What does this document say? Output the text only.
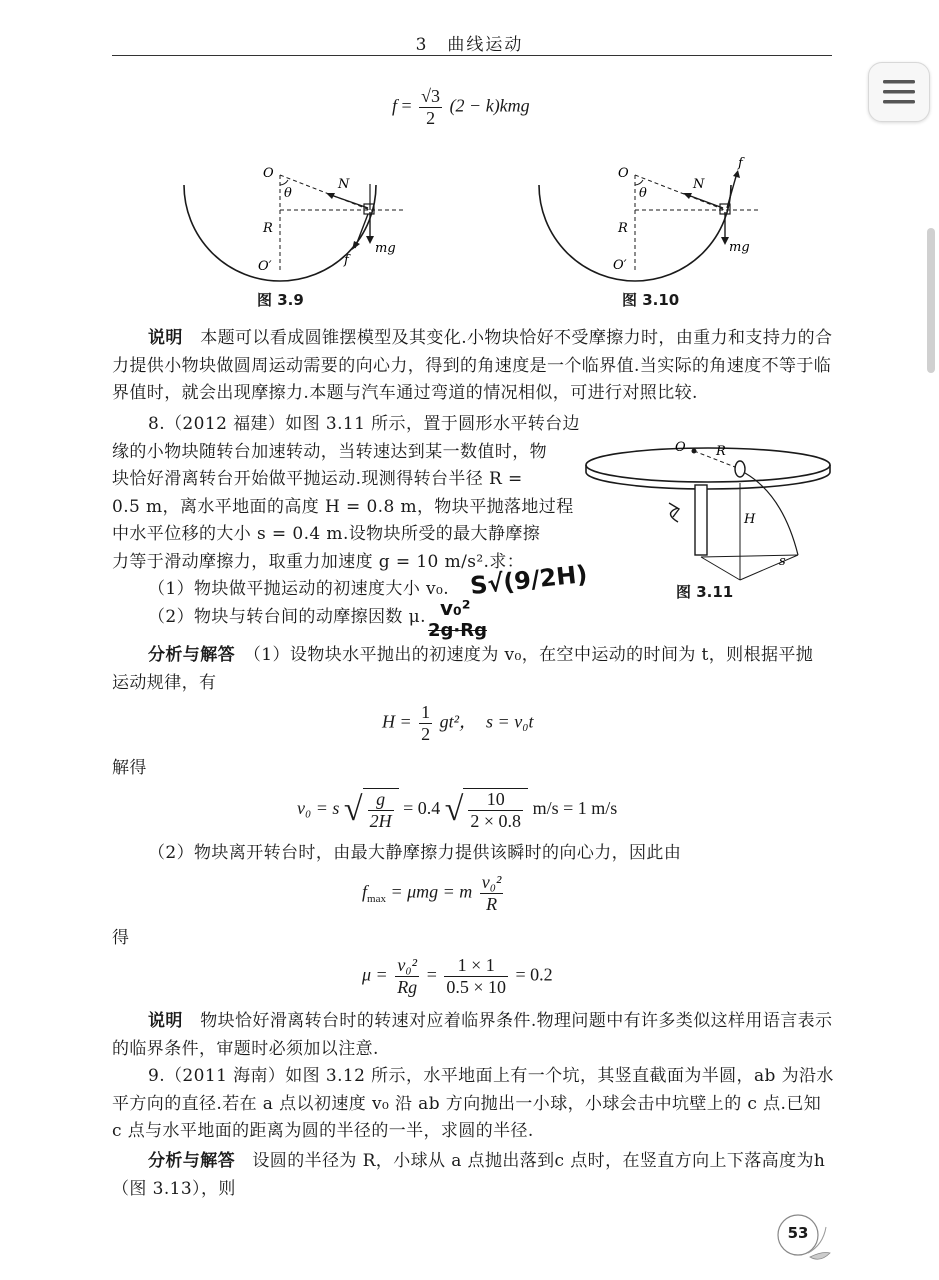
3　曲线运动
$f = \frac{√3}{2} (2 - k)kmg$
O
θ
N
R
O′	f
mg
图 3.9
O
θ
N
R
O′
f
mg
图 3.10
说明　 本题可以看成圆锥摆模型及其变化.小物块恰好不受摩擦力时，由重力和支持力的合力提供小物块做圆周运动需要的向心力，得到的角速度是一个临界值.当实际的角速度不等于临界值时，就会出现摩擦力.本题与汽车通过弯道的情况相似，可进行对照比较.
8.（2012 福建）如图 3.11 所示，置于圆形水平转台边
缘的小物块随转台加速转动，当转速达到某一数值时，物
块恰好滑离转台开始做平抛运动.现测得转台半径 R =
0.5 m，离水平地面的高度 H = 0.8 m，物块平抛落地过程
中水平位移的大小 s = 0.4 m.设物块所受的最大静摩擦
力等于滑动摩擦力，取重力加速度 g = 10 m/s².求：
（1）物块做平抛运动的初速度大小 v₀.
（2）物块与转台间的动摩擦因数 μ.
S√(9/2H)
v₀²
2g·Rg
O R
H
s
图 3.11
分析与解答　 （1）设物块水平抛出的初速度为 v₀，在空中运动的时间为 t，则根据平抛
运动规律，有
$H = \frac{1}{2} gt^2$，　s = v₀t
解得
v₀ = s √ $\frac{g}{2H} = 0.4$ √ $\frac{10}{2 \times 0.8} m/s = 1$ m/s
（2）物块离开转台时，由最大静摩擦力提供该瞬时的向心力，因此由
$f_{max} = \mu mg = m \frac{\text{v₀²}}{R}$
得
$\mu = \frac{\text{v₀²}}{Rg} = \frac{1 \times 1}{0.5 \times 10} = 0.2$
说明　 物块恰好滑离转台时的转速对应着临界条件.物理问题中有许多类似这样用语言表示的临界条件，审题时必须加以注意.
9.（2011 海南）如图 3.12 所示，水平地面上有一个坑，其竖直截面为半圆，ab 为沿水平方向的直径.若在 a 点以初速度 v₀ 沿 ab 方向抛出一小球，小球会击中坑壁上的 c 点.已知 c 点与水平地面的距离为圆的半径的一半，求圆的半径.
分析与解答　 设圆的半径为 R，小球从 a 点抛出落到c 点时，在竖直方向上下落高度为h（图 3.13），则
53
